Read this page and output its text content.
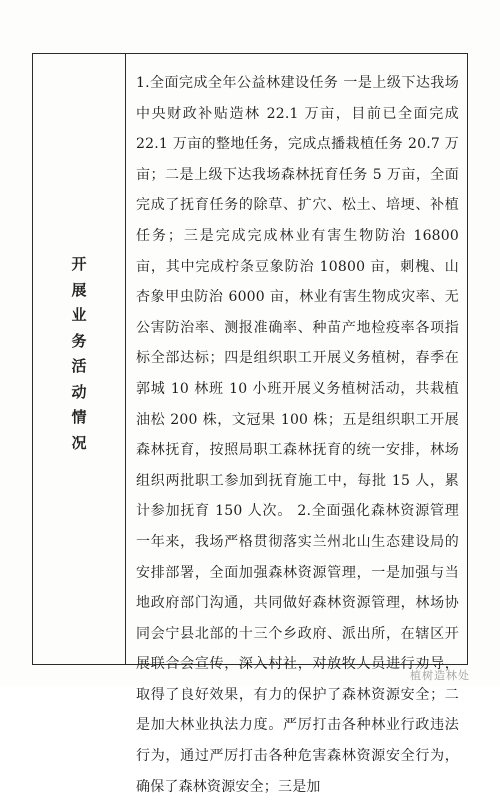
开
展
业
务
活
动
情
况

1.全面完成全年公益林建设任务 一是上级下达我场中央财政补贴造林 22.1 万亩，目前已全面完成 22.1 万亩的整地任务，完成点播栽植任务 20.7 万亩；二是上级下达我场森林抚育任务 5 万亩，全面完成了抚育任务的除草、扩穴、松土、培埂、补植任务；三是完成完成林业有害生物防治 16800 亩，其中完成柠条豆象防治 10800 亩，刺槐、山杏象甲虫防治 6000 亩，林业有害生物成灾率、无公害防治率、测报准确率、种苗产地检疫率各项指标全部达标；四是组织职工开展义务植树，春季在郭城 10 林班 10 小班开展义务植树活动，共栽植油松 200 株，文冠果 100 株；五是组织职工开展森林抚育，按照局职工森林抚育的统一安排，林场组织两批职工参加到抚育施工中，每批 15 人，累计参加抚育 150 人次。 2.全面强化森林资源管理 一年来，我场严格贯彻落实兰州北山生态建设局的安排部署，全面加强森林资源管理，一是加强与当地政府部门沟通，共同做好森林资源管理，林场协同会宁县北部的十三个乡政府、派出所，在辖区开展联合会宣传，深入村社，对放牧人员进行劝导，取得了良好效果，有力的保护了森林资源安全；二是加大林业执法力度。严厉打击各种林业行政违法行为，通过严厉打击各种危害森林资源安全行为，确保了森林资源安全；三是加

植树造林处
